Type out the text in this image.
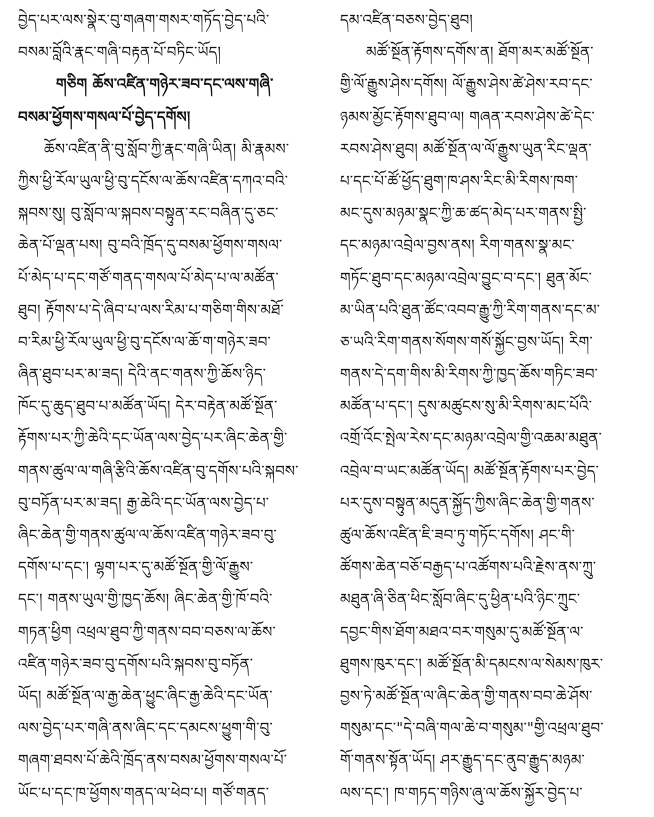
བྱེད་པར་ལས་སྣེར་བུ་གཞག་གསར་གཏོད་བྱེད་པའི་
བསམ་བློའི་རྣང་གཞི་བརྟན་པོ་བཏིང་ཡོད།
གཅིག ཆོས་འཛིན་གཉེར་ཟབ་དང་ལས་གཞི་
བསམ་ཕྱོགས་གསལ་པོ་བྱེད་དགོས།
ཆོས་འཛིན་ནི་བུ་སློབ་ཀྱི་རྣང་གཞི་ཡིན། མི་རྣམས་
ཀྱིས་ཕྱི་རོལ་ཡུལ་ཕྱི་བུ་དངོས་ལ་ཆོས་འཛིན་དཀའ་བའི་
སྐབས་སུ། བུ་སློབ་ལ་སྐབས་བསྟུན་རང་བཞིན་དུ་ཅང་
ཆེན་པོ་ལྡན་པས། བུ་བའི་ཁྲོད་དུ་བསམ་ཕྱོགས་གསལ་
པོ་མེད་པ་དང་གཙོ་གནད་གསལ་པོ་མེད་པ་ལ་མཚོན་
ཐུབ། རྟོགས་པ་དེ་ཞིབ་པ་ལས་རིམ་པ་གཅིག་གིས་མཐོ་
བ་རིམ་ཕྱི་རོལ་ཡུལ་ཕྱི་བུ་དངོས་ལ་ཆོ་ག་གཉེར་ཟབ་
ཞིན་ཐུབ་པར་མ་ཟད། དེའི་ནང་གནས་ཀྱི་ཆོས་ཉིད་
ཁོང་དུ་ཆུད་ཐུབ་པ་མཚོན་ཡོད། དེར་བརྟེན་མཚོ་སྔོན་
རྟོགས་པར་ཀྱི་ཆེའི་དང་ཡོན་ལས་བྱེད་པར་ཞིང་ཆེན་གྱི་
གནས་ཚུལ་ལ་གཞི་རྩིའི་ཆོས་འཛིན་བུ་དགོས་པའི་སྐབས་
བུ་བཏོན་པར་མ་ཟད། རྒྱ་ཆེའི་དང་ཡོན་ལས་བྱེད་པ་
ཞིང་ཆེན་གྱི་གནས་ཚུལ་ལ་ཆོས་འཛིན་གཉེར་ཟབ་བུ་
དགོས་པ་དང་། ལྷག་པར་དུ་མཚོ་སྔོན་གྱི་ལོ་རྒྱུས་
དང་། གནས་ཡུལ་གྱི་ཁྱད་ཆོས། ཞིང་ཆེན་གྱི་ཁོ་བའི་
གཏན་ཕྱིག འཕྲལ་ཐུབ་ཀྱི་གནས་བབ་བཅས་ལ་ཆོས་
འཛིན་གཉེར་ཟབ་བུ་དགོས་པའི་སྐབས་བུ་བཏོན་
ཡོད། མཚོ་སྔོན་ལ་རྒྱ་ཆེན་ཕྱུང་ཞིང་རྒྱ་ཆེའི་དང་ཡོན་
ལས་བྱེད་པར་གཞི་ནས་ཞིང་དང་དམངས་ཕྱུག་གི་བུ་
གཞག་ཐབས་པོ་ཆེའི་ཁྲོད་ནས་བསམ་ཕྱོགས་གསལ་པོ་
ཡོང་པ་དང་ཁ་ཕྱོགས་གནད་ལ་ཕེབ་པ། གཙོ་གནད་
དམ་འཛིན་བཅས་བྱེད་ཐུབ།
མཚོ་སྔོན་རྟོགས་དགོས་ན། ཐོག་མར་མཚོ་སྔོན་
གྱི་ལོ་རྒྱུས་ཤེས་དགོས། ལོ་རྒྱུས་ཤེས་ཚེ་ཤེས་རབ་དང་
ཉམས་མྱོང་རྟོགས་ཐུབ་ལ། གཞན་རབས་ཤེས་ཚེ་དེང་
རབས་ཤེས་ཐུབ། མཚོ་སྔོན་ལ་ལོ་རྒྱུས་ཡུན་རིང་ལྡན་
པ་དང་པོ་ཚོ་ཕྱོད་ཐུག་ཁ་ཤས་རིང་མི་རིགས་ཁག་
མང་དུས་མཉམ་སྣང་ཀྱི་ཆ་ཚད་མེད་པར་གནས་སྤྱི་
དང་མཉམ་འབྲེལ་བྱས་ནས། རིག་གནས་སྣ་མང་
གཏོང་ཐུབ་དང་མཉམ་འབྲེལ་བྱུང་བ་དང་། ཐུན་མོང་
མ་ཡིན་པའི་ཐུན་ཚོང་འབབ་རྒྱུ་ཀྱི་རིག་གནས་དང་མ་
ཅ་ཡའི་རིག་གནས་སོགས་གསོ་སྐྱོང་བྱས་ཡོད། རིག་
གནས་དེ་དག་གིས་མི་རིགས་ཀྱི་ཁྱད་ཆོས་གཏིང་ཟབ་
མཚོན་པ་དང་། དུས་མཚུངས་སུ་མི་རིགས་མང་པོའི་
འགྲོ་འོང་སྤེལ་རེས་དང་མཉམ་འབྲེལ་གྱི་འཆམ་མཐུན་
འབྲེལ་བ་ཡང་མཚོན་ཡོད། མཚོ་སྔོན་རྟོགས་པར་བྱེད་
པར་དུས་བསྟུན་མདུན་སྐྱོད་ཀྱིས་ཞིང་ཆེན་གྱི་གནས་
ཚུལ་ཆོས་འཛིན་ཇི་ཟབ་ཏུ་གཏོང་དགོས། ཤང་གི་
ཚོགས་ཆེན་བཅོ་བརྒྱད་པ་འཚོགས་པའི་རྗེས་ནས་ཀྲུ་
མཐུན་ཞི་ཅིན་ཕིང་སློབ་ཞིང་དུ་ཕྱིན་པའི་ཉིང་ཀྲུང་
དབྱང་གིས་ཐོག་མཐའ་བར་གསུམ་དུ་མཚོ་སྔོན་ལ་
ཐུགས་ཁུར་དང་། མཚོ་སྔོན་མི་དམངས་ལ་སེམས་ཁུར་
བྱས་ཏེ་མཚོ་སྔོན་ལ་ཞིང་ཆེན་གྱི་གནས་བབ་ཆེ་ཤོས་
གསུམ་དང་"དེ་བཞི་གལ་ཆེ་བ་གསུམ་"གྱི་འཕྲལ་ཐུབ་
གོ་གནས་སྟོན་ཡོད། ཤར་རྒྱུད་དང་ནུབ་རྒྱུད་མཉམ་
ལས་དང་། ཁ་གཏད་གཉིས་ཞུ་ལ་ཆོས་སྐྱོར་བྱེད་པ་
